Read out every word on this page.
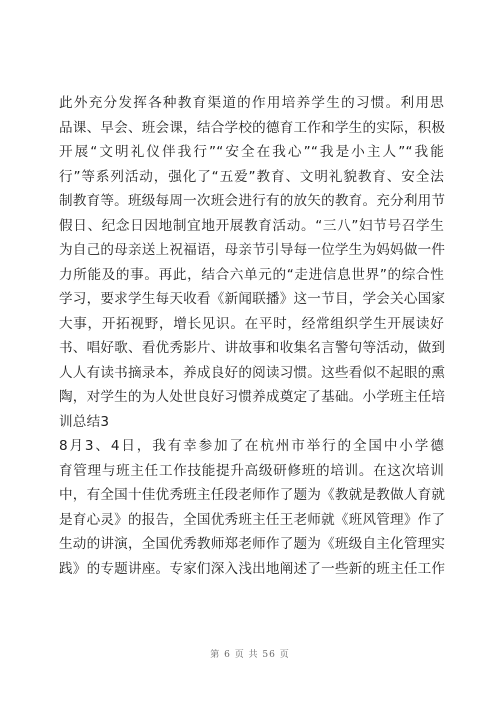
此外充分发挥各种教育渠道的作用培养学生的习惯。利用思
品课、早会、班会课，结合学校的德育工作和学生的实际，积极
开展“文明礼仪伴我行”“安全在我心”“我是小主人”“我能
行”等系列活动，强化了“五爱”教育、文明礼貌教育、安全法
制教育等。班级每周一次班会进行有的放矢的教育。充分利用节
假日、纪念日因地制宜地开展教育活动。“三八”妇节号召学生
为自己的母亲送上祝福语，母亲节引导每一位学生为妈妈做一件
力所能及的事。再此，结合六单元的“走进信息世界”的综合性
学习，要求学生每天收看《新闻联播》这一节目，学会关心国家
大事，开拓视野，增长见识。在平时，经常组织学生开展读好
书、唱好歌、看优秀影片、讲故事和收集名言警句等活动，做到
人人有读书摘录本，养成良好的阅读习惯。这些看似不起眼的熏
陶，对学生的为人处世良好习惯养成奠定了基础。小学班主任培
训总结3
8月3、4日，我有幸参加了在杭州市举行的全国中小学德
育管理与班主任工作技能提升高级研修班的培训。在这次培训
中，有全国十佳优秀班主任段老师作了题为《教就是教做人育就
是育心灵》的报告，全国优秀班主任王老师就《班风管理》作了
生动的讲演，全国优秀教师郑老师作了题为《班级自主化管理实
践》的专题讲座。专家们深入浅出地阐述了一些新的班主任工作
第 6 页 共 56 页
